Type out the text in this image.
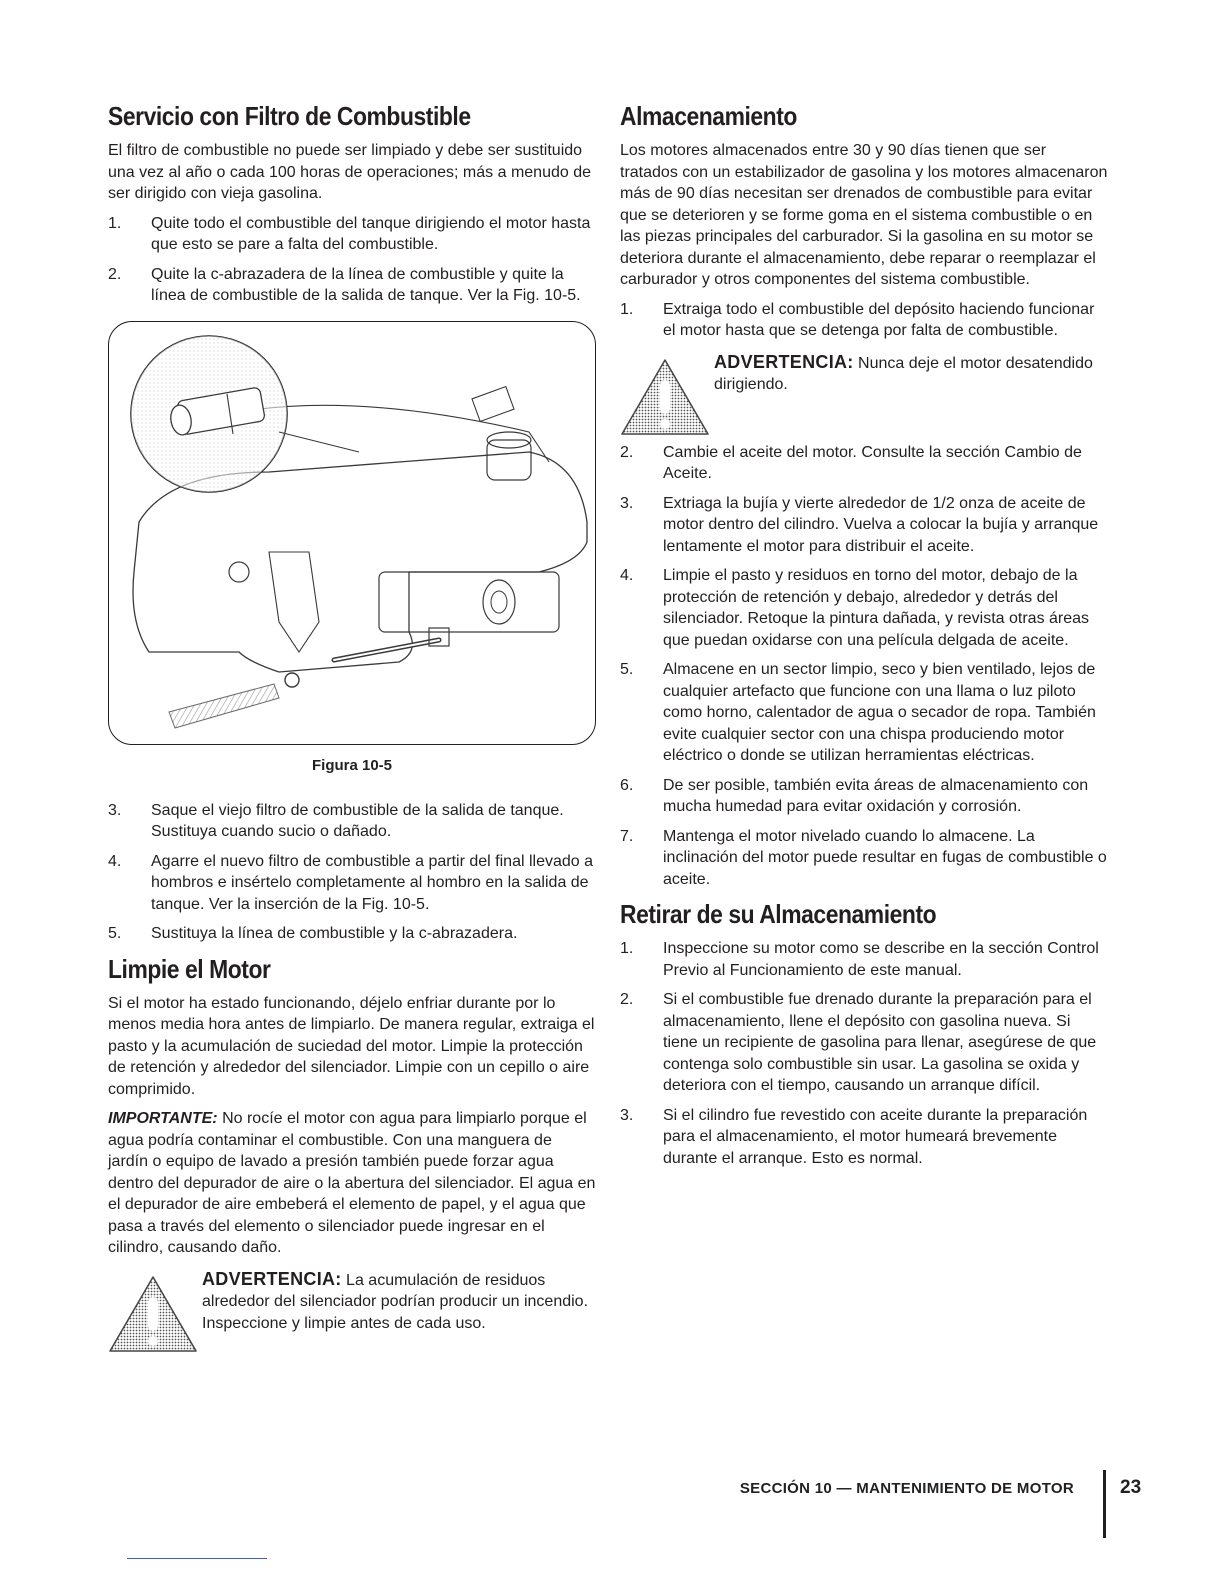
Servicio con Filtro de Combustible

El filtro de combustible no puede ser limpiado y debe ser sustituido una vez al año o cada 100 horas de operaciones; más a menudo de ser dirigido con vieja gasolina.

1. Quite todo el combustible del tanque dirigiendo el motor hasta que esto se pare a falta del combustible.
2. Quite la c-abrazadera de la línea de combustible y quite la línea de combustible de la salida de tanque. Ver la Fig. 10-5.
Figura 10-5
3. Saque el viejo filtro de combustible de la salida de tanque. Sustituya cuando sucio o dañado.
4. Agarre el nuevo filtro de combustible a partir del final llevado a hombros e insértelo completamente al hombro en la salida de tanque. Ver la inserción de la Fig. 10-5.
5. Sustituya la línea de combustible y la c-abrazadera.
Limpie el Motor

Si el motor ha estado funcionando, déjelo enfriar durante por lo menos media hora antes de limpiarlo. De manera regular, extraiga el pasto y la acumulación de suciedad del motor. Limpie la protección de retención y alrededor del silenciador. Limpie con un cepillo o aire comprimido.

IMPORTANTE: No rocíe el motor con agua para limpiarlo porque el agua podría contaminar el combustible. Con una manguera de jardín o equipo de lavado a presión también puede forzar agua dentro del depurador de aire o la abertura del silenciador. El agua en el depurador de aire embeberá el elemento de papel, y el agua que pasa a través del elemento o silenciador puede ingresar en el cilindro, causando daño.

ADVERTENCIA: La acumulación de residuos alrededor del silenciador podrían producir un incendio. Inspeccione y limpie antes de cada uso.
Almacenamiento

Los motores almacenados entre 30 y 90 días tienen que ser tratados con un estabilizador de gasolina y los motores almacenaron más de 90 días necesitan ser drenados de combustible para evitar que se deterioren y se forme goma en el sistema combustible o en las piezas principales del carburador. Si la gasolina en su motor se deteriora durante el almacenamiento, debe reparar o reemplazar el carburador y otros componentes del sistema combustible.

1. Extraiga todo el combustible del depósito haciendo funcionar el motor hasta que se detenga por falta de combustible.
ADVERTENCIA: Nunca deje el motor desatendido dirigiendo.
2. Cambie el aceite del motor. Consulte la sección Cambio de Aceite.
3. Extriaga la bujía y vierte alrededor de 1/2 onza de aceite de motor dentro del cilindro. Vuelva a colocar la bujía y arranque lentamente el motor para distribuir el aceite.
4. Limpie el pasto y residuos en torno del motor, debajo de la protección de retención y debajo, alrededor y detrás del silenciador. Retoque la pintura dañada, y revista otras áreas que puedan oxidarse con una película delgada de aceite.
5. Almacene en un sector limpio, seco y bien ventilado, lejos de cualquier artefacto que funcione con una llama o luz piloto como horno, calentador de agua o secador de ropa. También evite cualquier sector con una chispa produciendo motor eléctrico o donde se utilizan herramientas eléctricas.
6. De ser posible, también evita áreas de almacenamiento con mucha humedad para evitar oxidación y corrosión.
7. Mantenga el motor nivelado cuando lo almacene. La inclinación del motor puede resultar en fugas de combustible o aceite.
Retirar de su Almacenamiento
1. Inspeccione su motor como se describe en la sección Control Previo al Funcionamiento de este manual.
2. Si el combustible fue drenado durante la preparación para el almacenamiento, llene el depósito con gasolina nueva. Si tiene un recipiente de gasolina para llenar, asegúrese de que contenga solo combustible sin usar. La gasolina se oxida y deteriora con el tiempo, causando un arranque difícil.
3. Si el cilindro fue revestido con aceite durante la preparación para el almacenamiento, el motor humeará brevemente durante el arranque. Esto es normal.
SECCIÓN 10 — MANTENIMIENTO DE MOTOR 23
